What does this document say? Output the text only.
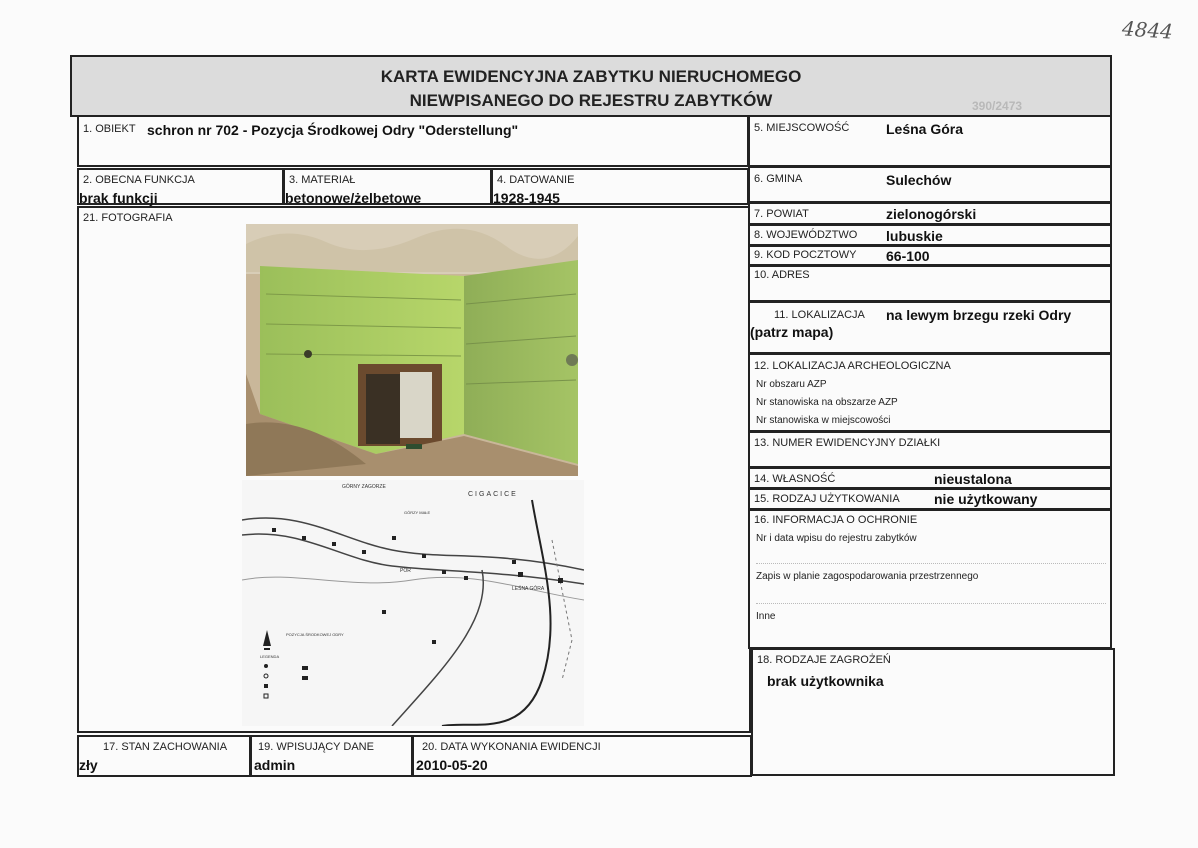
4844
KARTA EWIDENCYJNA ZABYTKU NIERUCHOMEGO
NIEWPISANEGO DO REJESTRU ZABYTKÓW	390/2473
1. OBIEKT schron nr 702 - Pozycja Środkowej Odry "Oderstellung"
2. OBECNA FUNKCJA
brak funkcji
3. MATERIAŁ
betonowe/żelbetowe
4. DATOWANIE
1928-1945
21. FOTOGRAFIA
GÓRNY ZAGORZE
CIGACICE
GÓRZY MAŁE
LEŚNA GÓRA
POR
POZYCJA ŚRODKOWEJ ODRY
LEGENDA
5. MIEJSCOWOŚĆ	Leśna Góra
6. GMINA	Sulechów
7. POWIAT	zielonogórski
8. WOJEWÓDZTWO lubuskie
9. KOD POCZTOWY 66-100
10. ADRES
11. LOKALIZACJA na lewym brzegu rzeki Odry
(patrz mapa)
12. LOKALIZACJA ARCHEOLOGICZNA
Nr obszaru AZP
Nr stanowiska na obszarze AZP
Nr stanowiska w miejscowości
13. NUMER EWIDENCYJNY DZIAŁKI
14. WŁASNOŚĆ	nieustalona
15. RODZAJ UŻYTKOWANIA nie użytkowany
16. INFORMACJA O OCHRONIE
Nr i data wpisu do rejestru zabytków
Zapis w planie zagospodarowania przestrzennego
Inne
18. RODZAJE ZAGROŻEŃ
brak użytkownika
17. STAN ZACHOWANIA
zły
19. WPISUJĄCY DANE
admin
20. DATA WYKONANIA EWIDENCJI
2010-05-20
